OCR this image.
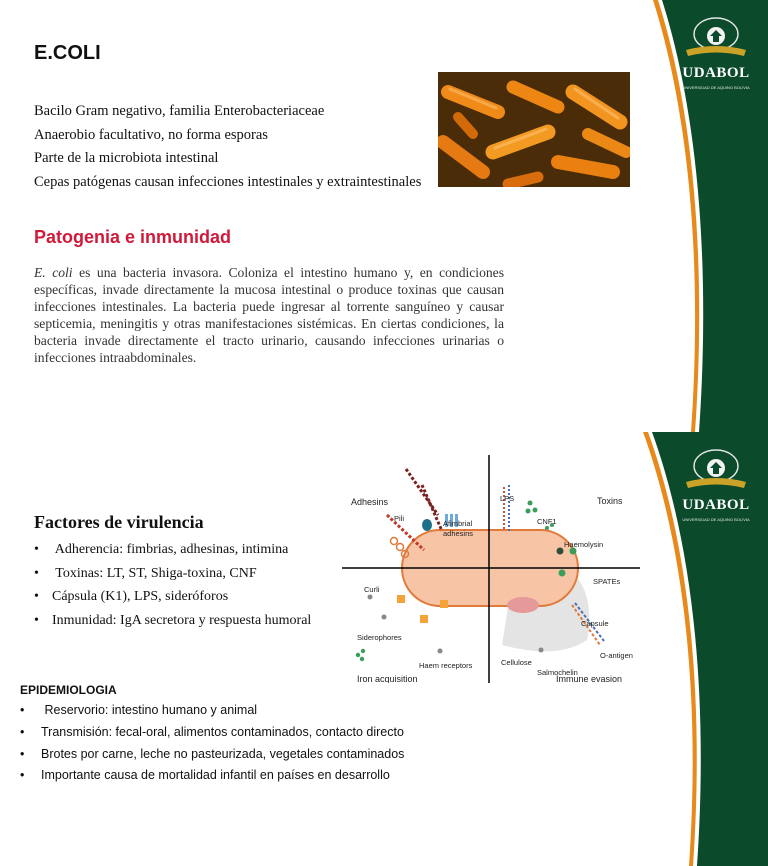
UDABOL
UNIVERSIDAD DE AQUINO BOLIVIA
E.COLI
Bacilo Gram negativo, familia Enterobacteriaceae
Anaerobio facultativo, no forma esporas
Parte de la microbiota intestinal
Cepas patógenas causan infecciones intestinales y extraintestinales
Patogenia e inmunidad

E. coli es una bacteria invasora. Coloniza el intestino humano y, en condiciones específicas, invade directamente la mucosa intestinal o produce toxinas que causan infecciones intestinales. La bacteria puede ingresar al torrente sanguíneo y causar septicemia, meningitis y otras manifestaciones sistémicas. En ciertas condiciones, la bacteria invade directamente el tracto urinario, causando infecciones urinarias o infecciones intraabdominales.

UDABOL
UNIVERSIDAD DE AQUINO BOLIVIA
Factores de virulencia
• Adherencia: fimbrias, adhesinas, intimina
• Toxinas: LT, ST, Shiga-toxina, CNF
• Cápsula (K1), LPS, sideróforos
• Inmunidad: IgA secretora y respuesta humoral
Adhesins	Toxins
Iron acquisition	Immune evasion
Pili
Afimbrial
adhesins
Curli
LPS
CNF1
Haemolysin
SPATEs
Capsule
O-antigen
Salmochelin
Cellulose
Haem receptors
Siderophores
EPIDEMIOLOGIA
• Reservorio: intestino humano y animal
• Transmisión: fecal-oral, alimentos contaminados, contacto directo
• Brotes por carne, leche no pasteurizada, vegetales contaminados
• Importante causa de mortalidad infantil en países en desarrollo
